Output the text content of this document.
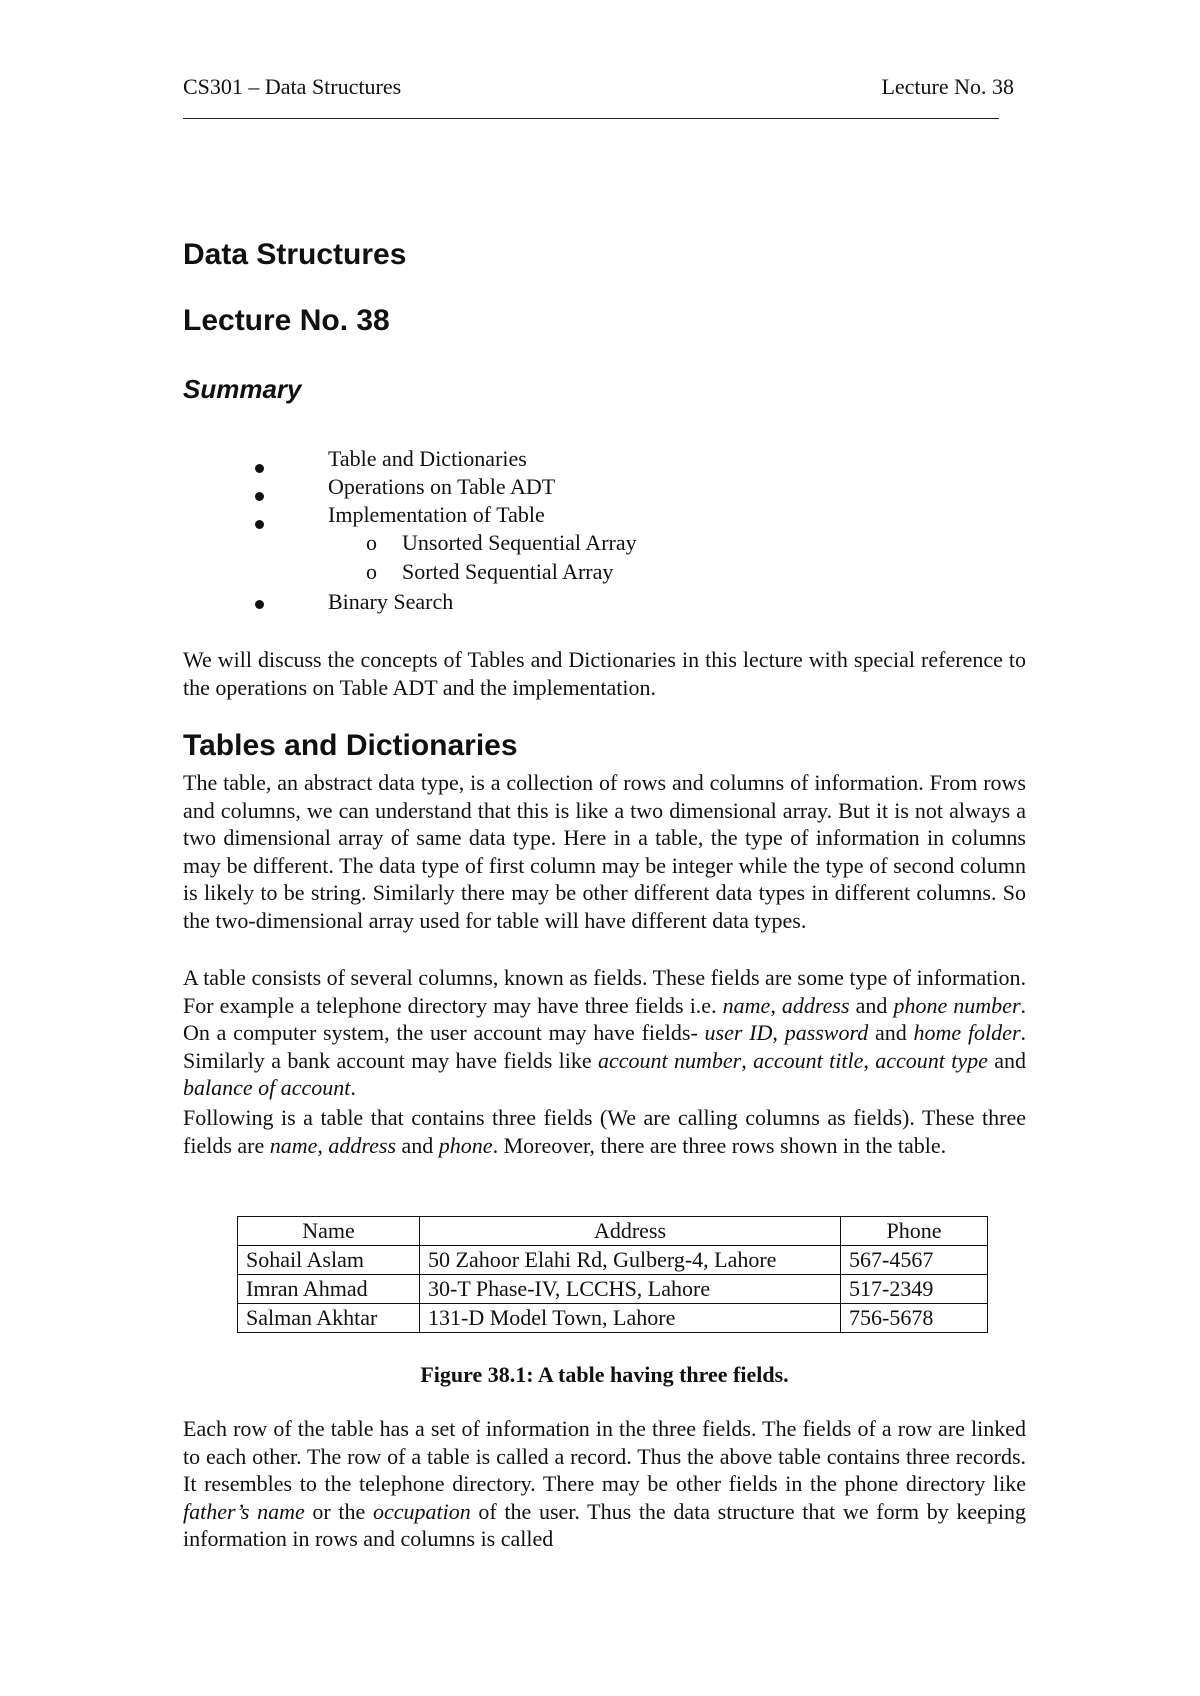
CS301 – Data Structures	Lecture No. 38
Data Structures
Lecture No. 38
Summary
Table and Dictionaries
Operations on Table ADT
Implementation of Table
o Unsorted Sequential Array
o Sorted Sequential Array
Binary Search
We will discuss the concepts of Tables and Dictionaries in this lecture with special reference to the operations on Table ADT and the implementation.
Tables and Dictionaries
The table, an abstract data type, is a collection of rows and columns of information. From rows and columns, we can understand that this is like a two dimensional array. But it is not always a two dimensional array of same data type. Here in a table, the type of information in columns may be different. The data type of first column may be integer while the type of second column is likely to be string. Similarly there may be other different data types in different columns. So the two-dimensional array used for table will have different data types.
A table consists of several columns, known as fields. These fields are some type of information. For example a telephone directory may have three fields i.e. name, address and phone number. On a computer system, the user account may have fields- user ID, password and home folder. Similarly a bank account may have fields like account number, account title, account type and balance of account.
Following is a table that contains three fields (We are calling columns as fields). These three fields are name, address and phone. Moreover, there are three rows shown in the table.
Name	Address	Phone
Sohail Aslam	50 Zahoor Elahi Rd, Gulberg-4, Lahore	567-4567
Imran Ahmad	30-T Phase-IV, LCCHS, Lahore	517-2349
Salman Akhtar	131-D Model Town, Lahore	756-5678
Figure 38.1: A table having three fields.
Each row of the table has a set of information in the three fields. The fields of a row are linked to each other. The row of a table is called a record. Thus the above table contains three records. It resembles to the telephone directory. There may be other fields in the phone directory like father’s name or the occupation of the user. Thus the data structure that we form by keeping information in rows and columns is called
